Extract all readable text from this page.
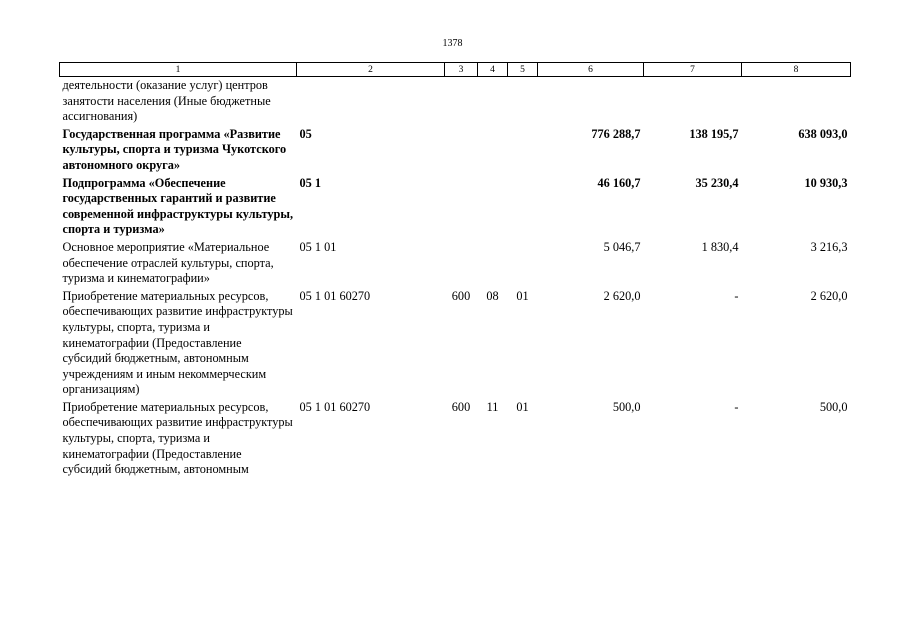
1378
1	2	3	4	5	6	7	8
деятельности (оказание услуг) центров занятости населения (Иные бюджетные ассигнования)							
Государственная программа «Развитие культуры, спорта и туризма Чукотского автономного округа»	05				776 288,7	138 195,7	638 093,0
Подпрограмма «Обеспечение государственных гарантий и развитие современной инфраструктуры культуры, спорта и туризма»	05 1				46 160,7	35 230,4	10 930,3
Основное мероприятие «Материальное обеспечение отраслей культуры, спорта, туризма и кинематографии»	05 1 01				5 046,7	1 830,4	3 216,3
Приобретение материальных ресурсов, обеспечивающих развитие инфраструктуры культуры, спорта, туризма и кинематографии (Предоставление субсидий бюджетным, автономным учреждениям и иным некоммерческим организациям)	05 1 01 60270	600	08	01	2 620,0	-	2 620,0
Приобретение материальных ресурсов, обеспечивающих развитие инфраструктуры культуры, спорта, туризма и кинематографии (Предоставление субсидий бюджетным, автономным	05 1 01 60270	600	11	01	500,0	-	500,0
